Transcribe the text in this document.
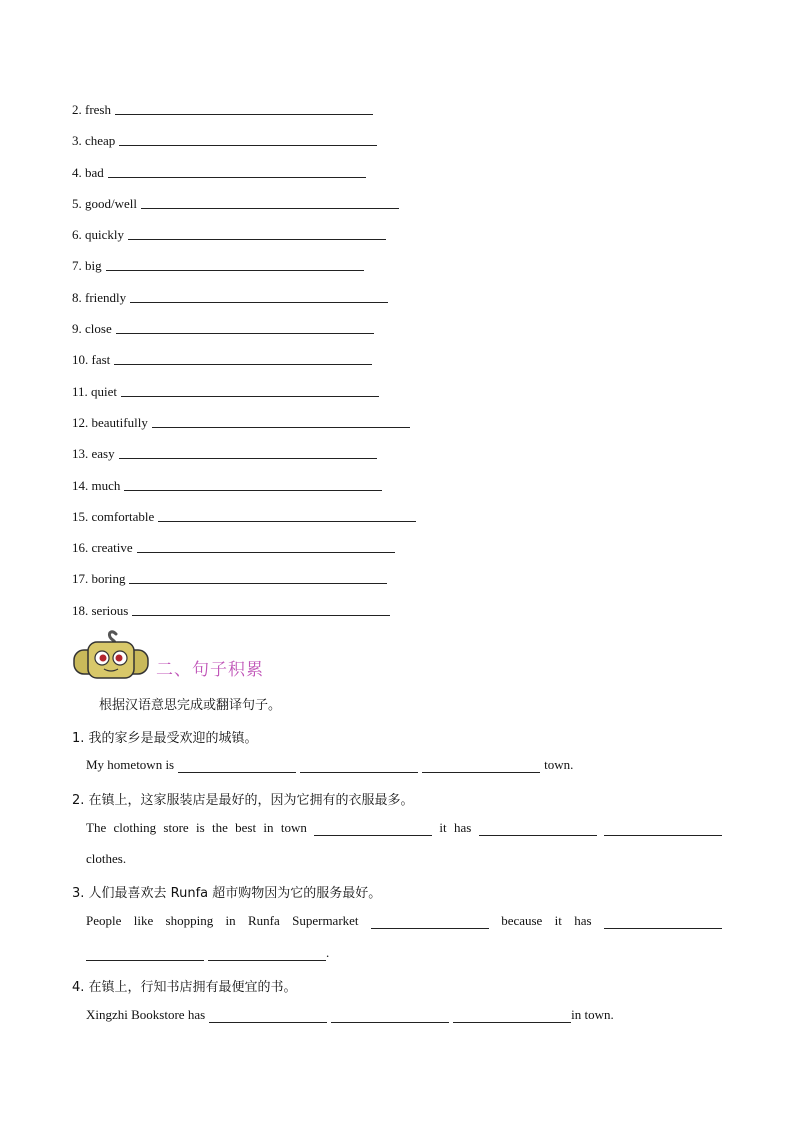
2.
fresh
3.
cheap
4.
bad
5.
good/well
6.
quickly
7.
big
8.
friendly
9.
close
10.
fast
11.
quiet
12.
beautifully
13.
easy
14.
much
15.
comfortable
16.
creative
17.
boring
18.
serious
二、句子积累
根据汉语意思完成或翻译句子。
1. 我的家乡是最受欢迎的城镇。
My hometown is	town.
2. 在镇上，这家服装店是最好的，因为它拥有的衣服最多。
The clothing store is the best in town	it has
clothes.
3. 人们最喜欢去 Runfa 超市购物因为它的服务最好。
People like shopping in Runfa Supermarket	because it has
.
4. 在镇上，行知书店拥有最便宜的书。
Xingzhi Bookstore has	in town.
